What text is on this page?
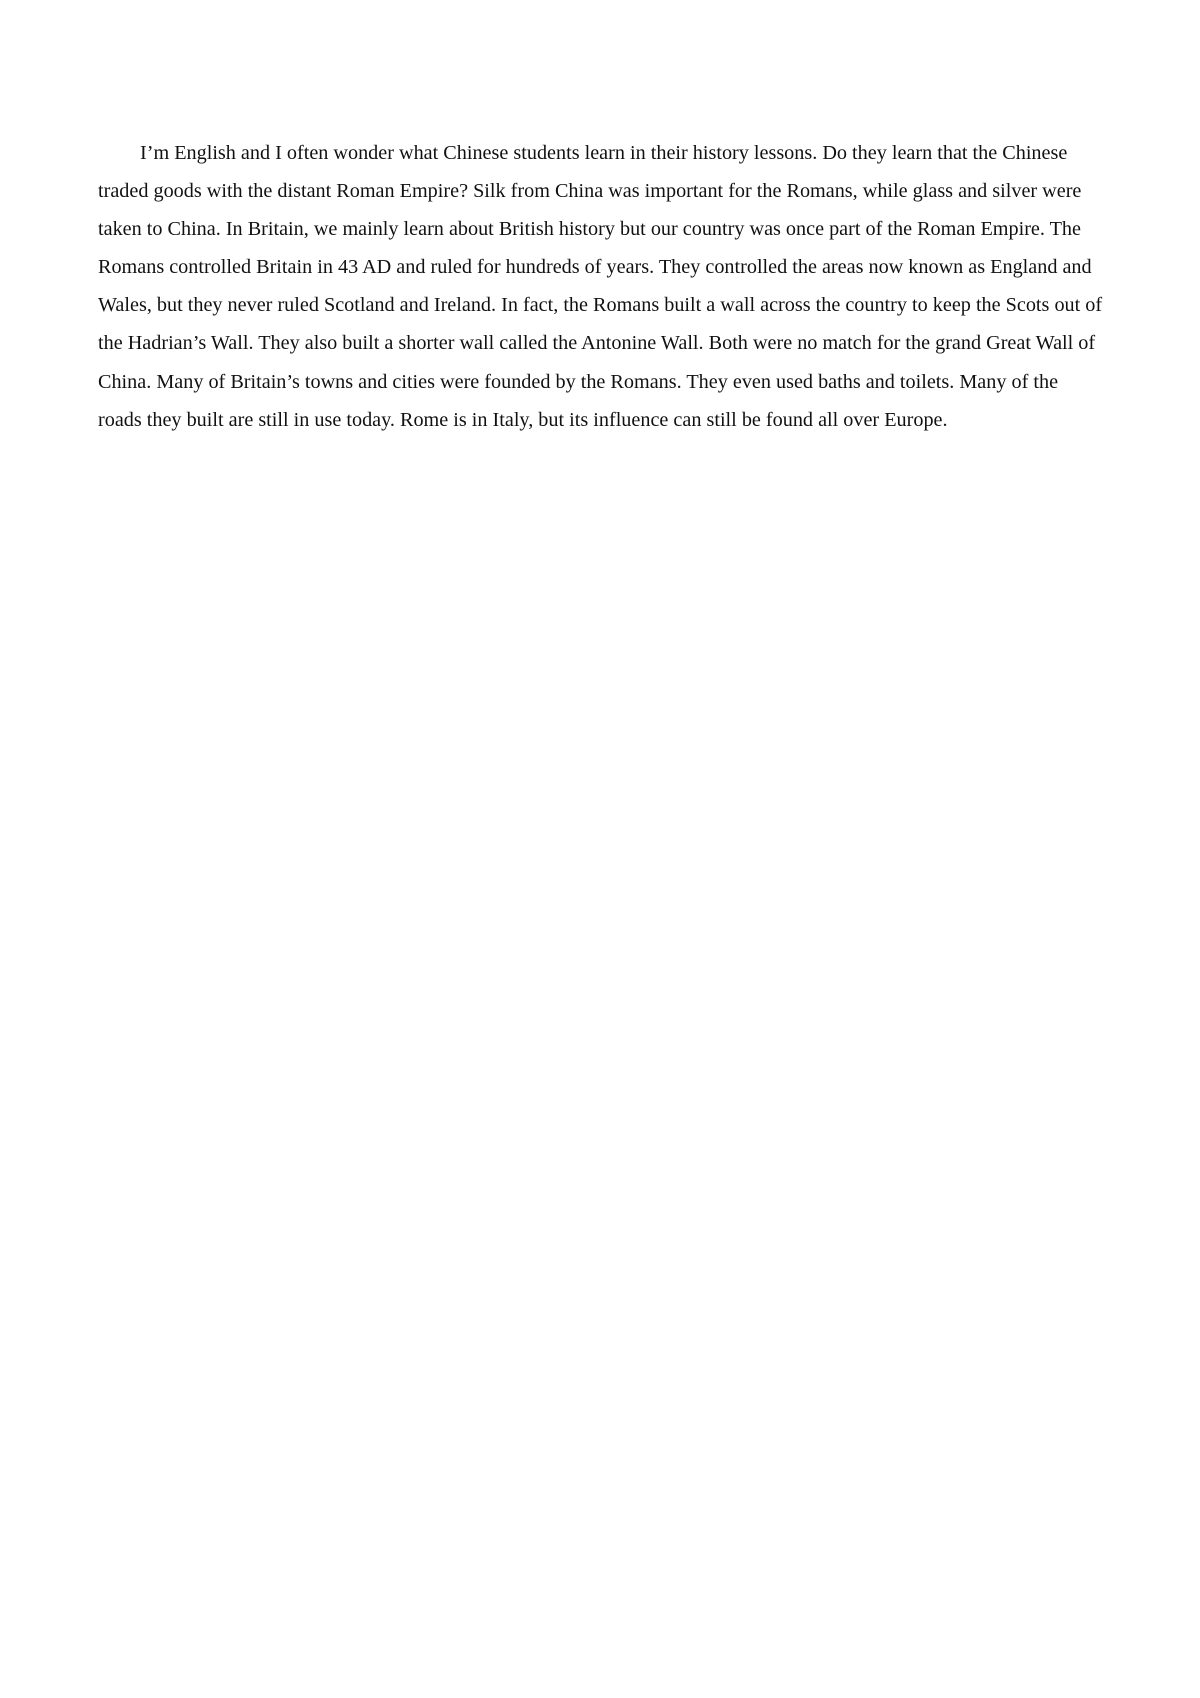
I’m English and I often wonder what Chinese students learn in their history lessons. Do they learn that the Chinese traded goods with the distant Roman Empire? Silk from China was important for the Romans, while glass and silver were taken to China. In Britain, we mainly learn about British history but our country was once part of the Roman Empire. The Romans controlled Britain in 43 AD and ruled for hundreds of years. They controlled the areas now known as England and Wales, but they never ruled Scotland and Ireland. In fact, the Romans built a wall across the country to keep the Scots out of the Hadrian’s Wall. They also built a shorter wall called the Antonine Wall. Both were no match for the grand Great Wall of China. Many of Britain’s towns and cities were founded by the Romans. They even used baths and toilets. Many of the roads they built are still in use today. Rome is in Italy, but its influence can still be found all over Europe.
